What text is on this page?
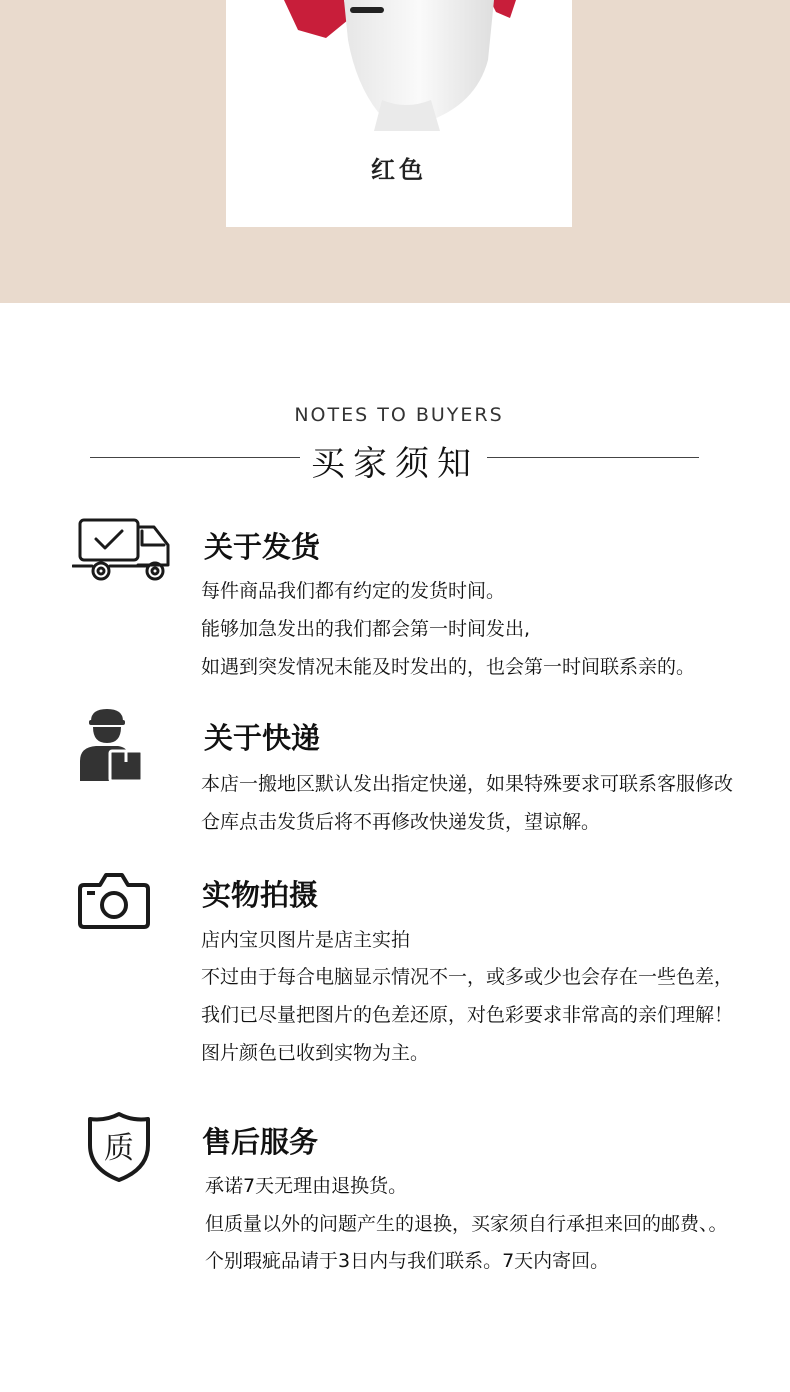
红色
NOTES TO BUYERS
买家须知
关于发货
每件商品我们都有约定的发货时间。
能够加急发出的我们都会第一时间发出,
如遇到突发情况未能及时发出的，也会第一时间联系亲的。
关于快递
本店一搬地区默认发出指定快递，如果特殊要求可联系客服修改
仓库点击发货后将不再修改快递发货，望谅解。
实物拍摄
店内宝贝图片是店主实拍
不过由于每合电脑显示情况不一，或多或少也会存在一些色差，
我们已尽量把图片的色差还原，对色彩要求非常高的亲们理解！
图片颜色已收到实物为主。
质 售后服务
承诺7天无理由退换货。
但质量以外的问题产生的退换，买家须自行承担来回的邮费、。
个别瑕疵品请于3日内与我们联系。7天内寄回。
